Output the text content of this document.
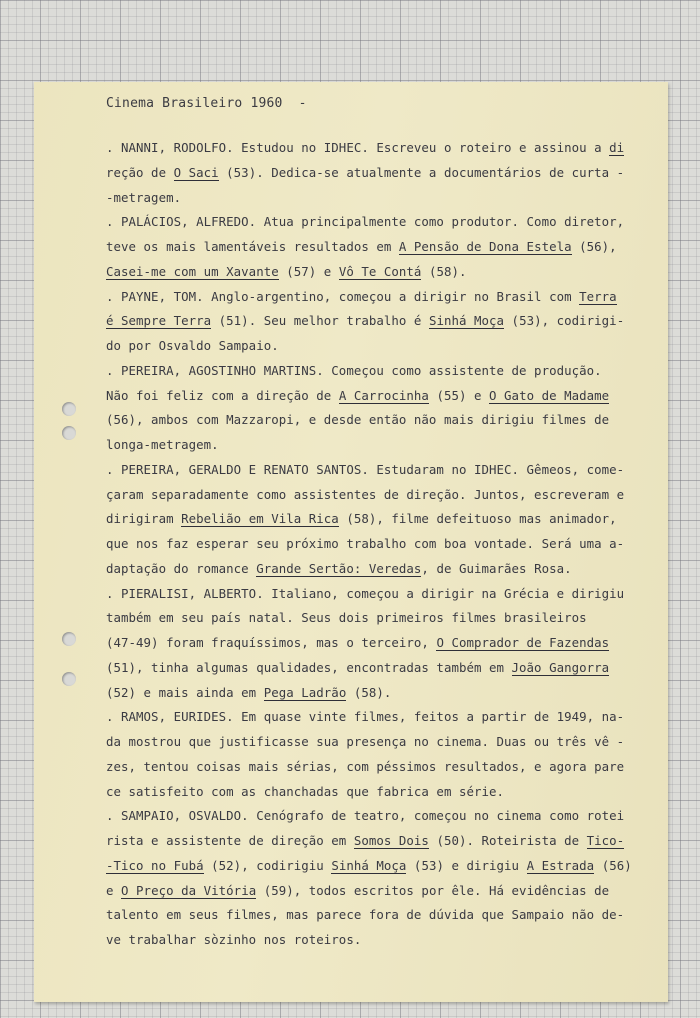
Cinema Brasileiro 1960  -
. NANNI, RODOLFO. Estudou no IDHEC. Escreveu o roteiro e assinou a di
reção de O Saci (53). Dedica-se atualmente a documentários de curta -
-metragem.
. PALÁCIOS, ALFREDO. Atua principalmente como produtor. Como diretor,
teve os mais lamentáveis resultados em A Pensão de Dona Estela (56),
Casei-me com um Xavante (57) e Vô Te Contá (58).
. PAYNE, TOM. Anglo-argentino, começou a dirigir no Brasil com Terra
é Sempre Terra (51). Seu melhor trabalho é Sinhá Moça (53), codirigi-
do por Osvaldo Sampaio.
. PEREIRA, AGOSTINHO MARTINS. Começou como assistente de produção.
Não foi feliz com a direção de A Carrocinha (55) e O Gato de Madame
(56), ambos com Mazzaropi, e desde então não mais dirigiu filmes de
longa-metragem.
. PEREIRA, GERALDO E RENATO SANTOS. Estudaram no IDHEC. Gêmeos, come-
çaram separadamente como assistentes de direção. Juntos, escreveram e
dirigiram Rebelião em Vila Rica (58), filme defeituoso mas animador,
que nos faz esperar seu próximo trabalho com boa vontade. Será uma a-
daptação do romance Grande Sertão: Veredas, de Guimarães Rosa.
. PIERALISI, ALBERTO. Italiano, começou a dirigir na Grécia e dirigiu
também em seu país natal. Seus dois primeiros filmes brasileiros
(47-49) foram fraquíssimos, mas o terceiro, O Comprador de Fazendas
(51), tinha algumas qualidades, encontradas também em João Gangorra
(52) e mais ainda em Pega Ladrão (58).
. RAMOS, EURIDES. Em quase vinte filmes, feitos a partir de 1949, na-
da mostrou que justificasse sua presença no cinema. Duas ou três vê -
zes, tentou coisas mais sérias, com péssimos resultados, e agora pare
ce satisfeito com as chanchadas que fabrica em série.
. SAMPAIO, OSVALDO. Cenógrafo de teatro, começou no cinema como rotei
rista e assistente de direção em Somos Dois (50). Roteirista de Tico-
-Tico no Fubá (52), codirigiu Sinhá Moça (53) e dirigiu A Estrada (56)
e O Preço da Vitória (59), todos escritos por êle. Há evidências de
talento em seus filmes, mas parece fora de dúvida que Sampaio não de-
ve trabalhar sòzinho nos roteiros.
